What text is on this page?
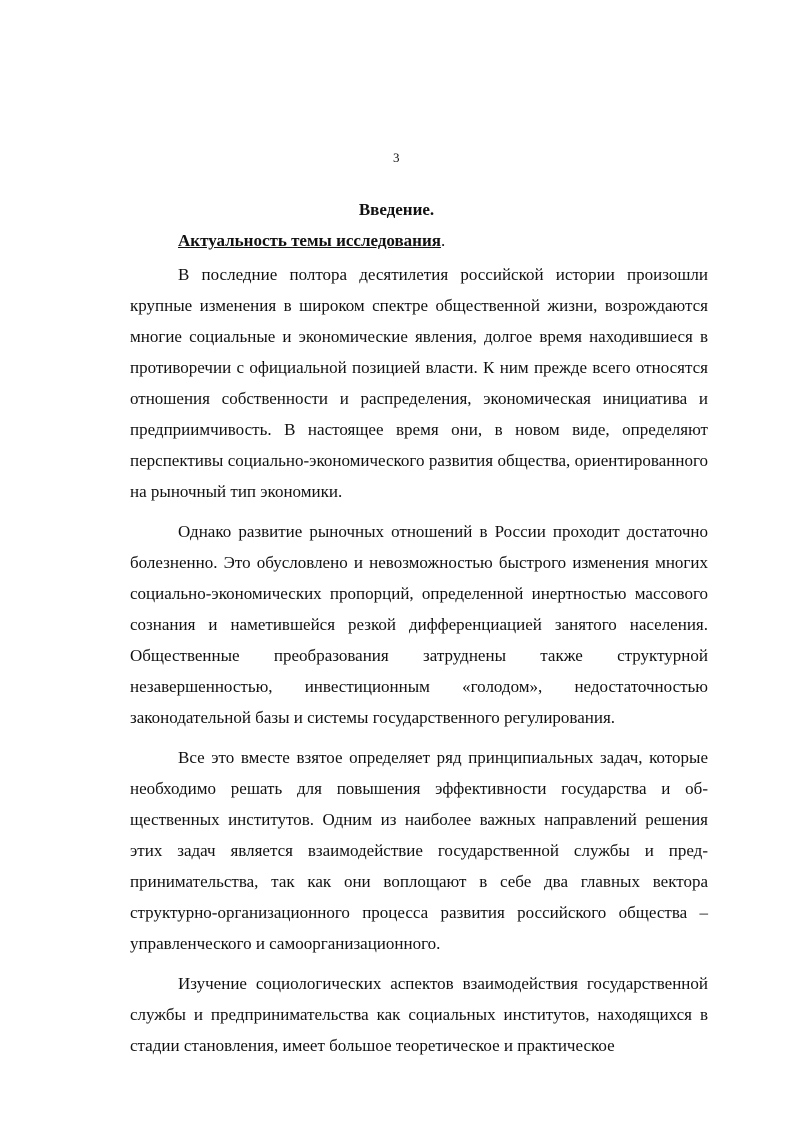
3
Введение.
Актуальность темы исследования.

В последние полтора десятилетия российской истории произошли крупные изменения в широком спектре общественной жизни, возрождаются многие социальные и экономические явления, долгое время находившиеся в противоречии с официальной позицией власти. К ним прежде всего относятся отношения собственности и распределения, экономическая инициатива и предприимчивость. В настоящее время они, в новом виде, определяют перспективы социально-экономического развития общества, ориентированного на рыночный тип экономики.

Однако развитие рыночных отношений в России проходит достаточно болезненно. Это обусловлено и невозможностью быстрого изменения многих социально-экономических пропорций, определенной инертностью массового сознания и наметившейся резкой дифференциацией занятого населения. Общественные преобразования затруднены также структурной незавершенностью, инвестиционным «голодом», недостаточностью законодательной базы и системы государственного регулирования.

Все это вместе взятое определяет ряд принципиальных задач, которые необходимо решать для повышения эффективности государства и общественных институтов. Одним из наиболее важных направлений решения этих задач является взаимодействие государственной службы и предпринимательства, так как они воплощают в себе два главных вектора структурно-организационного процесса развития российского общества – управленческого и самоорганизационного.

Изучение социологических аспектов взаимодействия государственной службы и предпринимательства как социальных институтов, находящихся в стадии становления, имеет большое теоретическое и практическое
